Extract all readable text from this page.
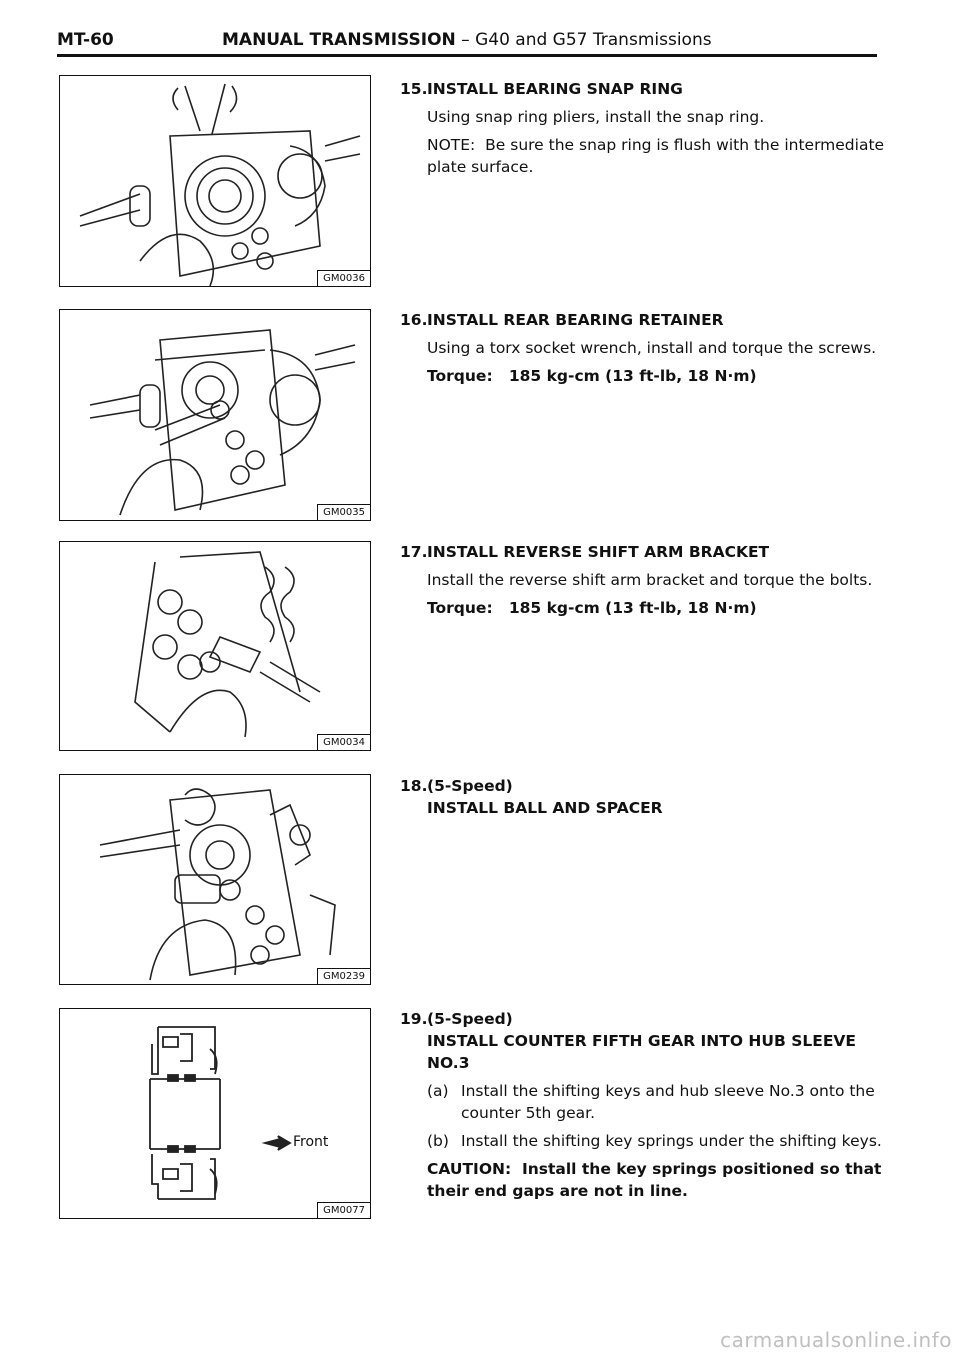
MT-60	MANUAL TRANSMISSION – G40 and G57 Transmissions
GM0036
GM0035
GM0034
GM0239
Front
GM0077
15. INSTALL BEARING SNAP RING

Using snap ring pliers, install the snap ring.

NOTE: Be sure the snap ring is flush with the intermediate plate surface.

16. INSTALL REAR BEARING RETAINER

Using a torx socket wrench, install and torque the screws.

Torque: 185 kg-cm (13 ft-lb, 18 N·m)

17. INSTALL REVERSE SHIFT ARM BRACKET

Install the reverse shift arm bracket and torque the bolts.

Torque: 185 kg-cm (13 ft-lb, 18 N·m)

18. (5-Speed)
INSTALL BALL AND SPACER
19. (5-Speed)
INSTALL COUNTER FIFTH GEAR INTO HUB SLEEVE NO.3
(a) Install the shifting keys and hub sleeve No.3 onto the counter 5th gear.
(b) Install the shifting key springs under the shifting keys.

CAUTION: Install the key springs positioned so that their end gaps are not in line.

carmanualsonline.info
